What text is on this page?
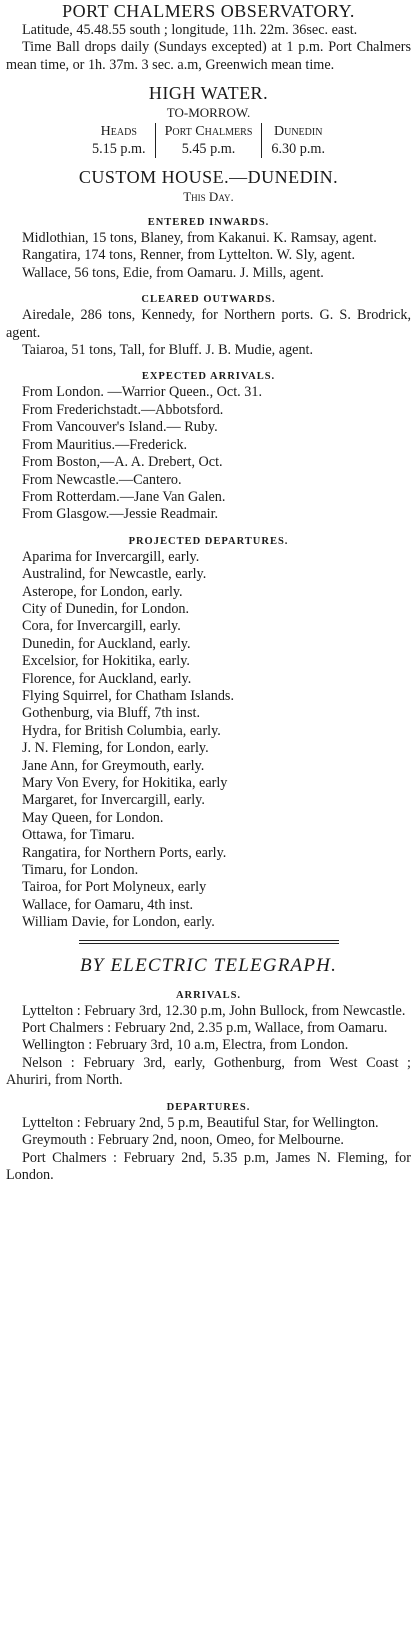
PORT CHALMERS OBSERVATORY.
Latitude, 45.48.55 south ; longitude, 11h. 22m. 36sec. east.
Time Ball drops daily (Sundays excepted) at 1 p.m. Port Chalmers mean time, or 1h. 37m. 3 sec. a.m, Greenwich mean time.
HIGH WATER.
TO-MORROW.
Heads
5.15 p.m.
Port Chalmers
5.45 p.m.
Dunedin
6.30 p.m.
CUSTOM HOUSE.—DUNEDIN.
This Day.
ENTERED INWARDS.
Midlothian, 15 tons, Blaney, from Kakanui. K. Ramsay, agent.
Rangatira, 174 tons, Renner, from Lyttelton. W. Sly, agent.
Wallace, 56 tons, Edie, from Oamaru. J. Mills, agent.
CLEARED OUTWARDS.
Airedale, 286 tons, Kennedy, for Northern ports. G. S. Brodrick, agent.
Taiaroa, 51 tons, Tall, for Bluff. J. B. Mudie, agent.
EXPECTED ARRIVALS.
From London. —Warrior Queen., Oct. 31.
From Frederichstadt.—Abbotsford.
From Vancouver's Island.— Ruby.
From Mauritius.—Frederick.
From Boston,—A. A. Drebert, Oct.
From Newcastle.—Cantero.
From Rotterdam.—Jane Van Galen.
From Glasgow.—Jessie Readmair.
PROJECTED DEPARTURES.
Aparima for Invercargill, early.
Australind, for Newcastle, early.
Asterope, for London, early.
City of Dunedin, for London.
Cora, for Invercargill, early.
Dunedin, for Auckland, early.
Excelsior, for Hokitika, early.
Florence, for Auckland, early.
Flying Squirrel, for Chatham Islands.
Gothenburg, via Bluff, 7th inst.
Hydra, for British Columbia, early.
J. N. Fleming, for London, early.
Jane Ann, for Greymouth, early.
Mary Von Every, for Hokitika, early
Margaret, for Invercargill, early.
May Queen, for London.
Ottawa, for Timaru.
Rangatira, for Northern Ports, early.
Timaru, for London.
Tairoa, for Port Molyneux, early
Wallace, for Oamaru, 4th inst.
William Davie, for London, early.
BY ELECTRIC TELEGRAPH.
ARRIVALS.
Lyttelton : February 3rd, 12.30 p.m, John Bullock, from Newcastle.
Port Chalmers : February 2nd, 2.35 p.m, Wallace, from Oamaru.
Wellington : February 3rd, 10 a.m, Electra, from London.
Nelson : February 3rd, early, Gothenburg, from West Coast ; Ahuriri, from North.
DEPARTURES.
Lyttelton : February 2nd, 5 p.m, Beautiful Star, for Wellington.
Greymouth : February 2nd, noon, Omeo, for Melbourne.
Port Chalmers : February 2nd, 5.35 p.m, James N. Fleming, for London.
